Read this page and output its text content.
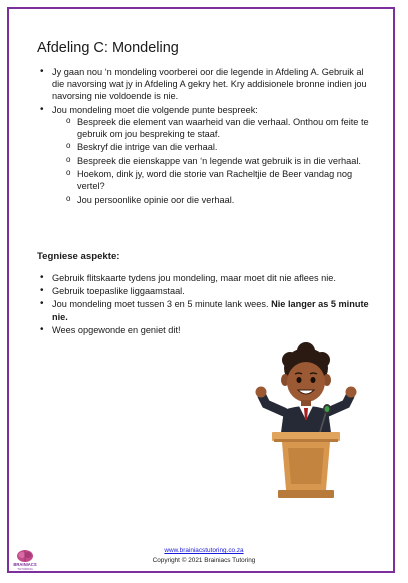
Afdeling C: Mondeling
• Jy gaan nou ‘n mondeling voorberei oor die legende in Afdeling A. Gebruik al die navorsing wat jy in Afdeling A gekry het. Kry addisionele bronne indien jou navorsing nie voldoende is nie.
• Jou mondeling moet die volgende punte bespreek:
o Bespreek die element van waarheid van die verhaal. Onthou om feite te gebruik om jou bespreking te staaf.
o Beskryf die intrige van die verhaal.
o Bespreek die eienskappe van ‘n legende wat gebruik is in die verhaal.
o Hoekom, dink jy, word die storie van Racheltjie de Beer vandag nog vertel?
o Jou persoonlike opinie oor die verhaal.
Tegniese aspekte:
• Gebruik flitskaarte tydens jou mondeling, maar moet dit nie aflees nie.
• Gebruik toepaslike liggaamstaal.
• Jou mondeling moet tussen 3 en 5 minute lank wees. Nie langer as 5 minute nie.
• Wees opgewonde en geniet dit!
BRAINIACS
TUTORING
www.brainiacstutoring.co.za
Copyright © 2021 Brainiacs Tutoring
